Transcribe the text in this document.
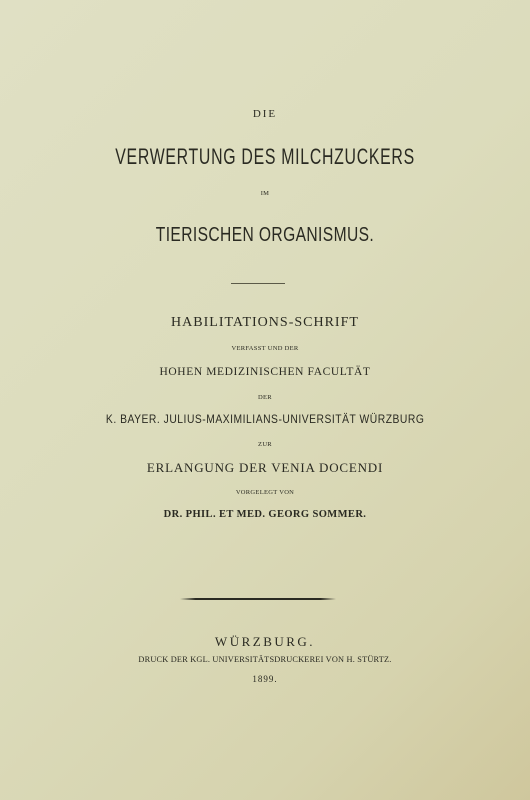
DIE

VERWERTUNG DES MILCHZUCKERS

IM

TIERISCHEN ORGANISMUS.

HABILITATIONS-SCHRIFT

VERFASST UND DER

HOHEN MEDIZINISCHEN FACULTÄT

DER

K. BAYER. JULIUS-MAXIMILIANS-UNIVERSITÄT WÜRZBURG

ZUR

ERLANGUNG DER VENIA DOCENDI

VORGELEGT VON

DR. PHIL. ET MED. GEORG SOMMER.

WÜRZBURG.

DRUCK DER KGL. UNIVERSITÄTSDRUCKEREI VON H. STÜRTZ.

1899.
